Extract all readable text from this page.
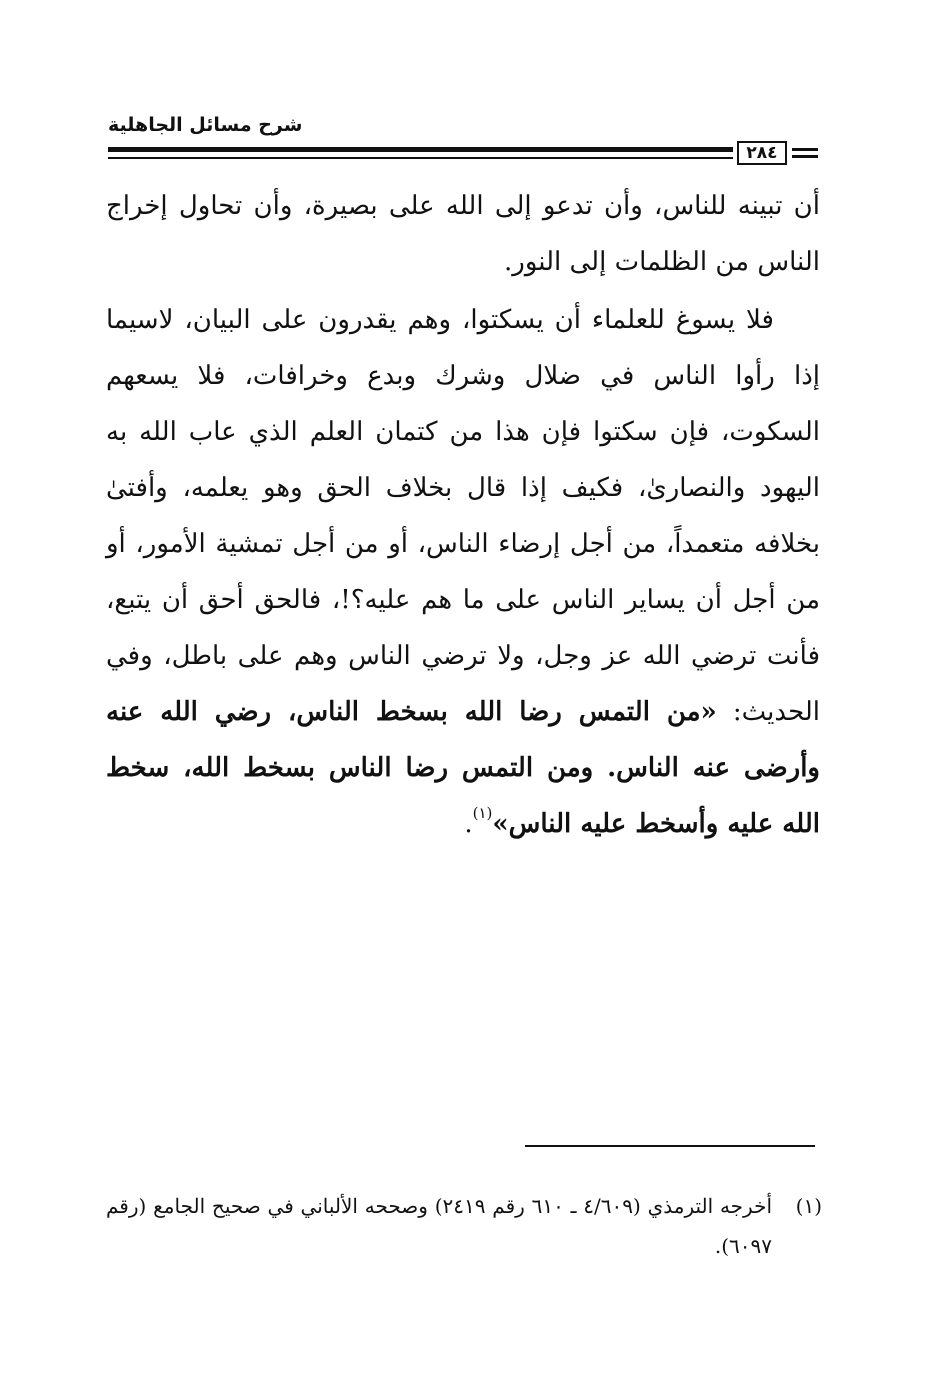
شرح مسائل الجاهلية
٢٨٤

أن تبينه للناس، وأن تدعو إلى الله على بصيرة، وأن تحاول إخراج الناس من الظلمات إلى النور.

فلا يسوغ للعلماء أن يسكتوا، وهم يقدرون على البيان، لاسيما إذا رأوا الناس في ضلال وشرك وبدع وخرافات، فلا يسعهم السكوت، فإن سكتوا فإن هذا من كتمان العلم الذي عاب الله به اليهود والنصارىٰ، فكيف إذا قال بخلاف الحق وهو يعلمه، وأفتىٰ بخلافه متعمداً، من أجل إرضاء الناس، أو من أجل تمشية الأمور، أو من أجل أن يساير الناس على ما هم عليه؟!، فالحق أحق أن يتبع، فأنت ترضي الله عز وجل، ولا ترضي الناس وهم على باطل، وفي الحديث: «من التمس رضا الله بسخط الناس، رضي الله عنه وأرضى عنه الناس. ومن التمس رضا الناس بسخط الله، سخط الله عليه وأسخط عليه الناس»$^{(١)}$.

(١)
أخرجه الترمذي (٤/٦٠٩ ـ ٦١٠ رقم ٢٤١٩) وصححه الألباني في صحيح الجامع (رقم ٦٠٩٧).
